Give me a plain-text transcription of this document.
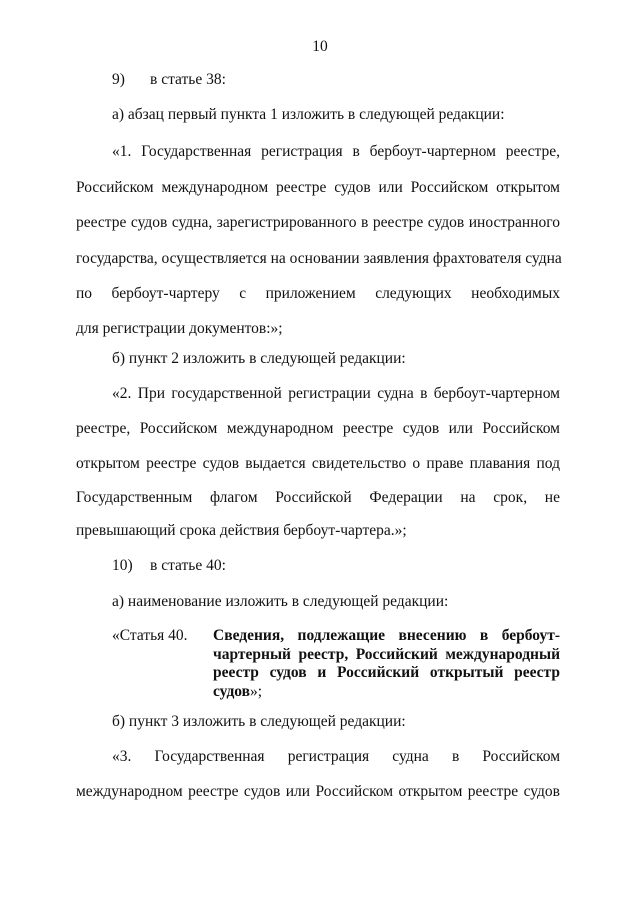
10
9) в статье 38:
а) абзац первый пункта 1 изложить в следующей редакции:
«1. Государственная регистрация в бербоут-чартерном реестре,
Российском международном реестре судов или Российском открытом
реестре судов судна, зарегистрированного в реестре судов иностранного
государства, осуществляется на основании заявления фрахтователя судна
по бербоут-чартеру с приложением следующих необходимых
для регистрации документов:»;
б) пункт 2 изложить в следующей редакции:
«2. При государственной регистрации судна в бербоут-чартерном
реестре, Российском международном реестре судов или Российском
открытом реестре судов выдается свидетельство о праве плавания под
Государственным флагом Российской Федерации на срок, не
превышающий срока действия бербоут-чартера.»;
10) в статье 40:
а) наименование изложить в следующей редакции:
«Статья 40. Сведения, подлежащие внесению в бербоут-чартерный реестр, Российский международный реестр судов и Российский открытый реестр судов»;
б) пункт 3 изложить в следующей редакции:
«3. Государственная регистрация судна в Российском
международном реестре судов или Российском открытом реестре судов
